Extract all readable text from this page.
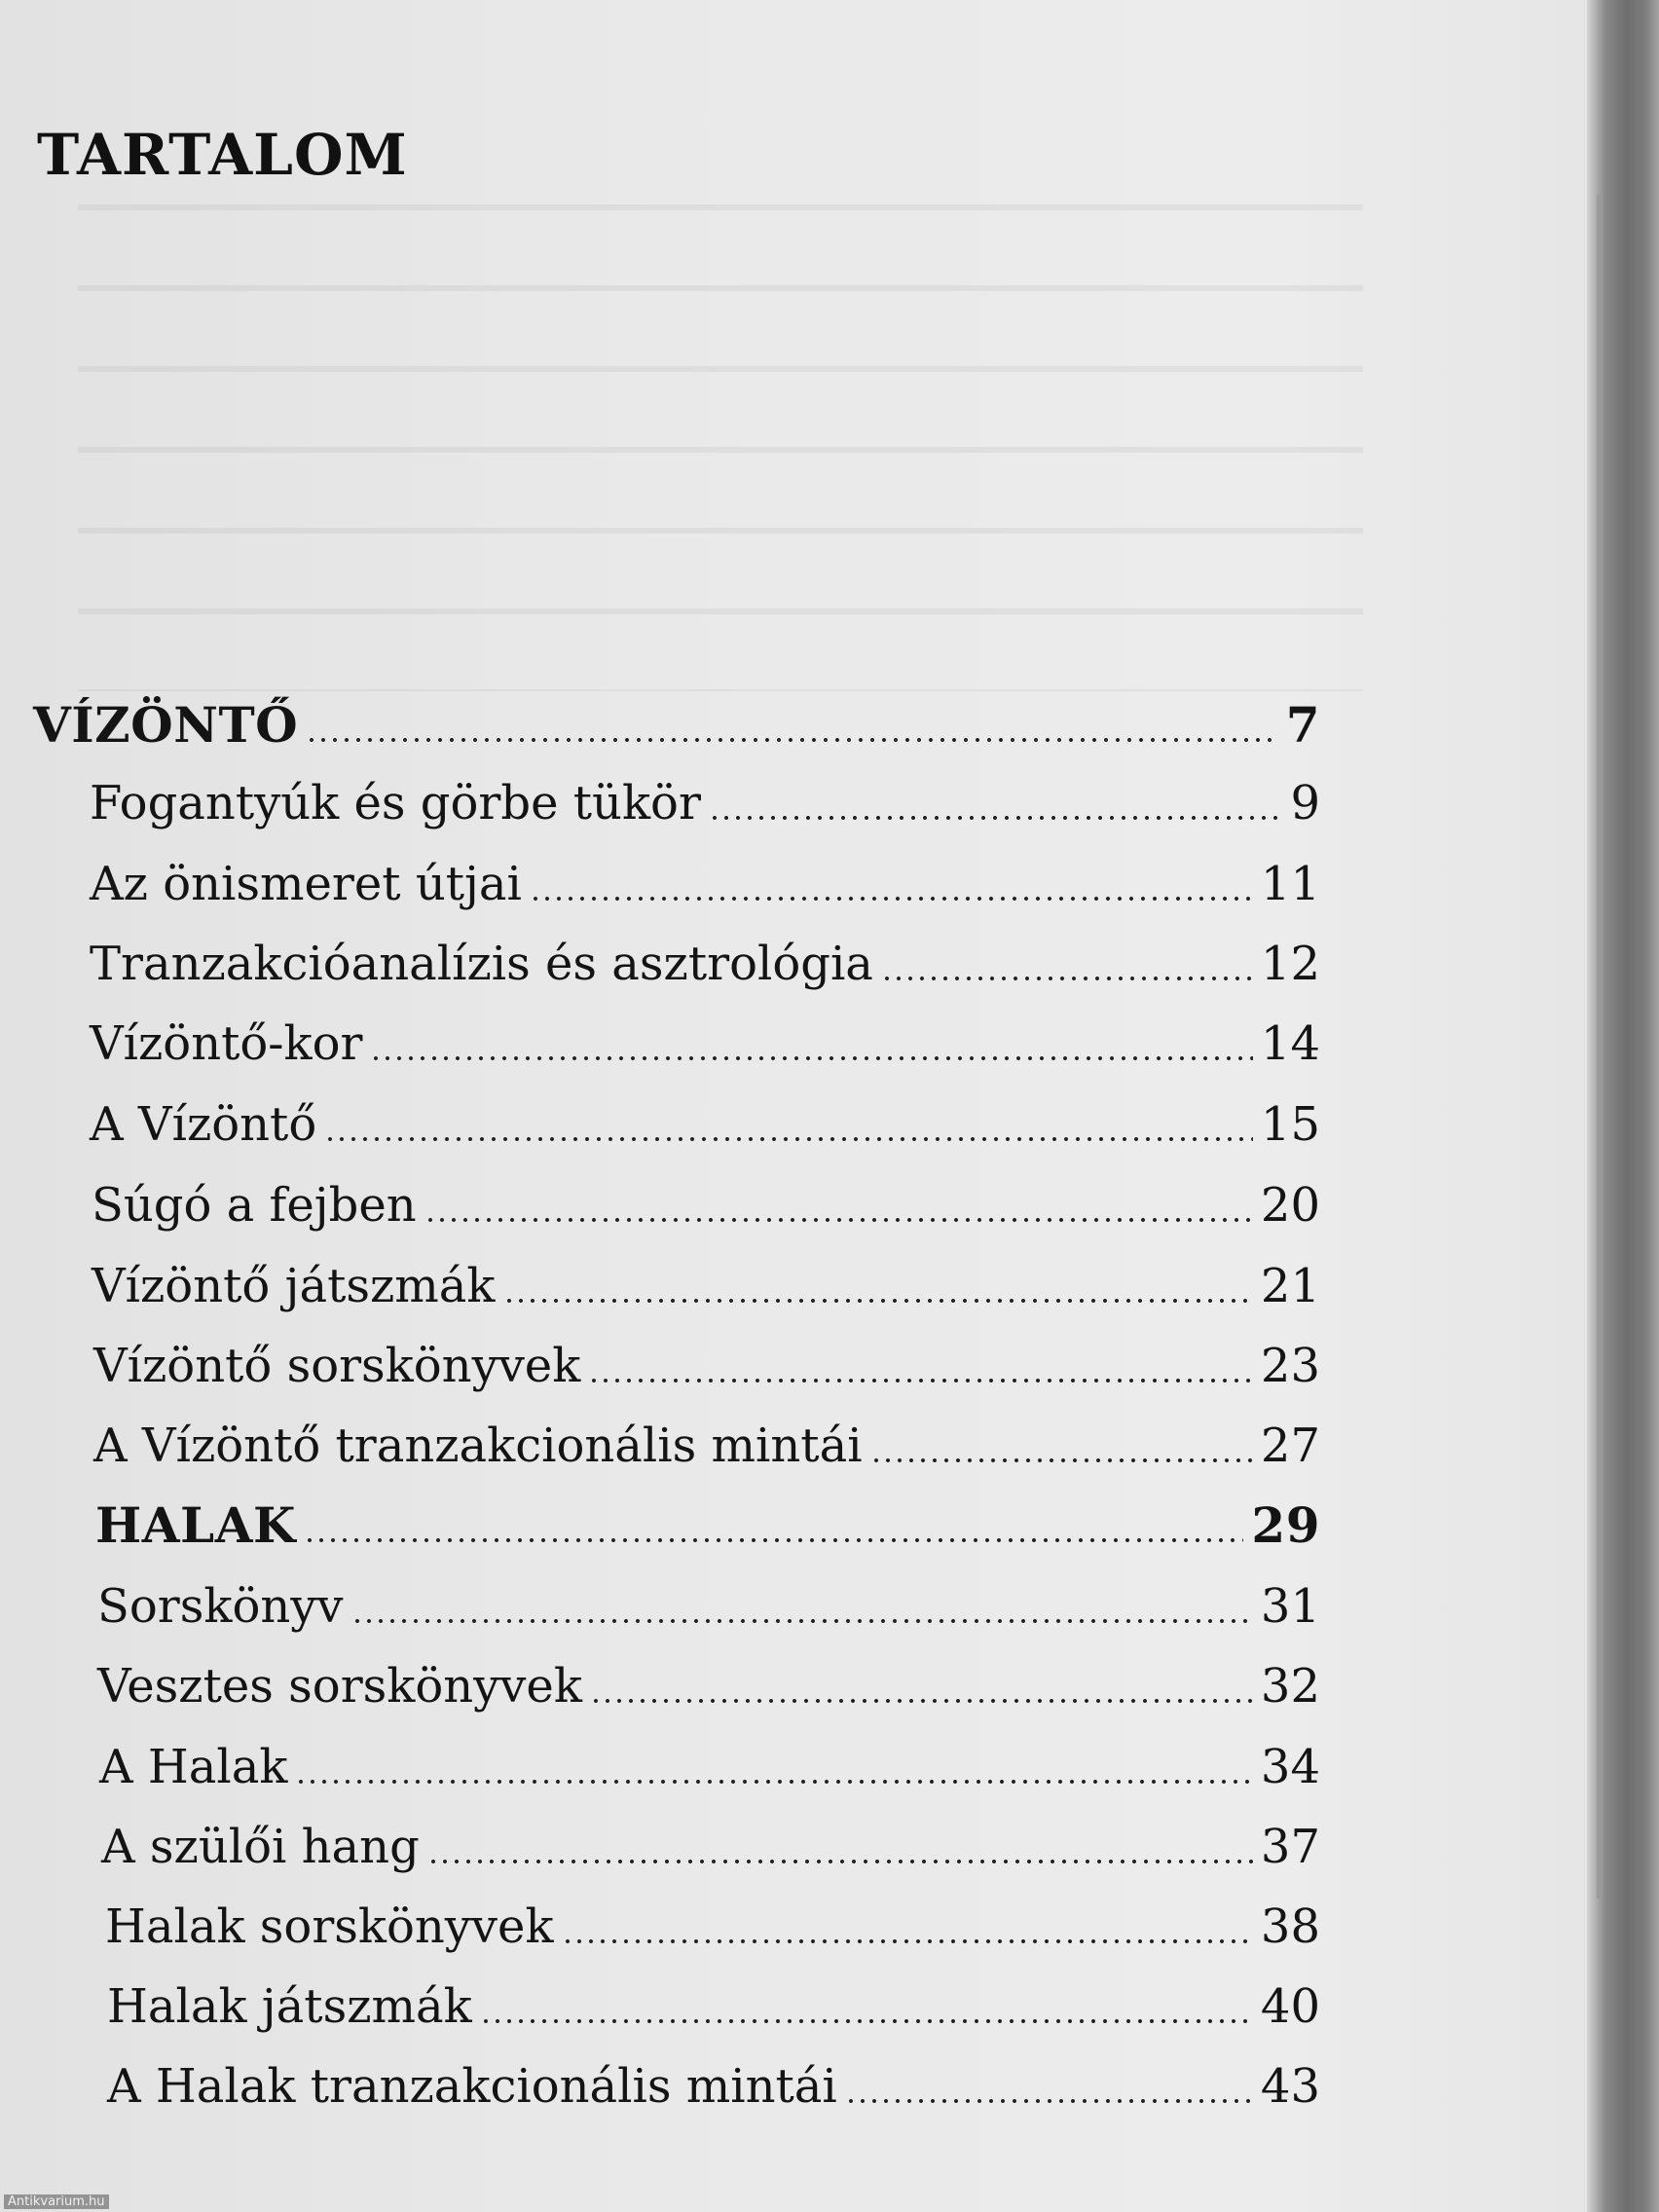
TARTALOM
VÍZÖNTŐ	7
Fogantyúk és görbe tükör	9
Az önismeret útjai	11
Tranzakcióanalízis és asztrológia	12
Vízöntő-kor	14
A Vízöntő	15
Súgó a fejben	20
Vízöntő játszmák	21
Vízöntő sorskönyvek	23
A Vízöntő tranzakcionális mintái	27
HALAK	29
Sorskönyv	31
Vesztes sorskönyvek	32
A Halak	34
A szülői hang	37
Halak sorskönyvek	38
Halak játszmák	40
A Halak tranzakcionális mintái	43
Antikvarium.hu
